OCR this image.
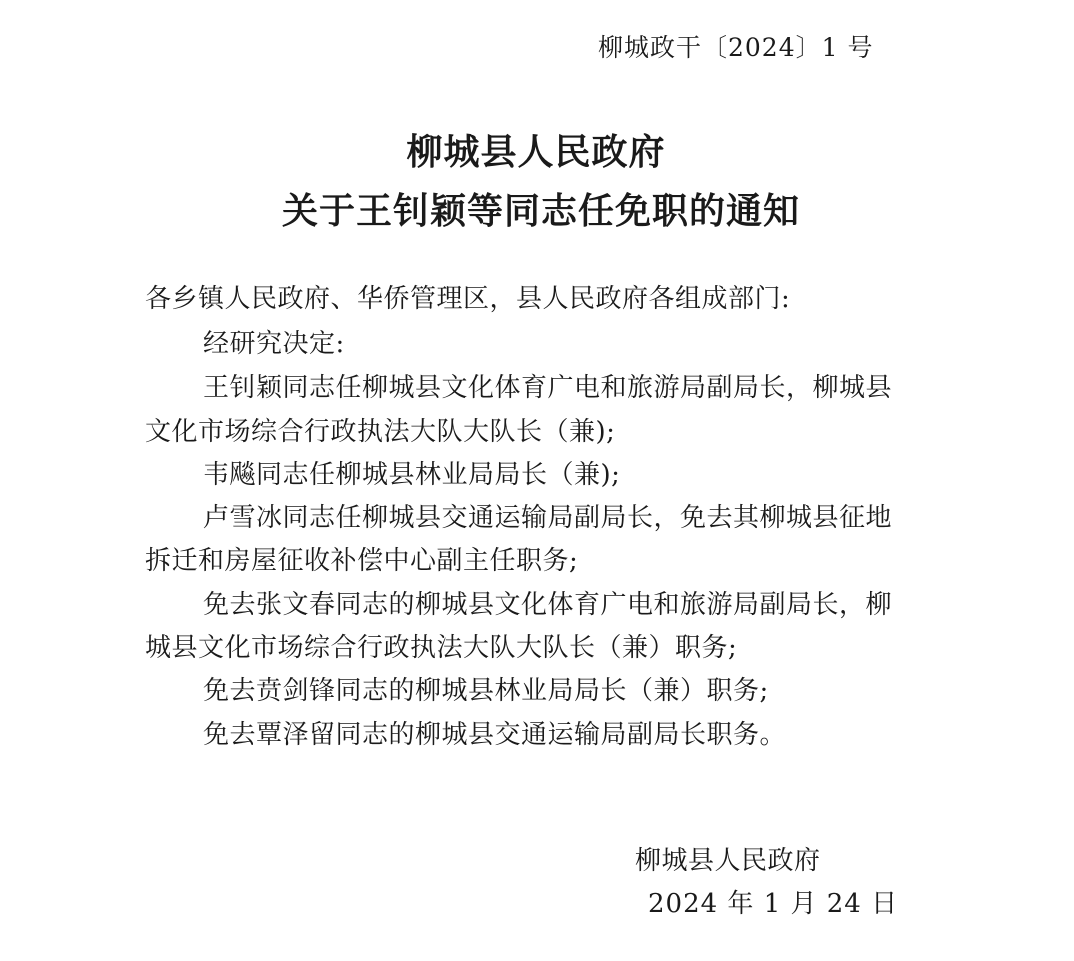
柳城政干〔2024〕1 号
柳城县人民政府
关于王钊颖等同志任免职的通知
各乡镇人民政府、华侨管理区，县人民政府各组成部门:
经研究决定:
王钊颖同志任柳城县文化体育广电和旅游局副局长，柳城县
文化市场综合行政执法大队大队长（兼);
韦飚同志任柳城县林业局局长（兼);
卢雪冰同志任柳城县交通运输局副局长，免去其柳城县征地
拆迁和房屋征收补偿中心副主任职务;
免去张文春同志的柳城县文化体育广电和旅游局副局长，柳
城县文化市场综合行政执法大队大队长（兼）职务;
免去贲剑锋同志的柳城县林业局局长（兼）职务;
免去覃泽留同志的柳城县交通运输局副局长职务。
柳城县人民政府
2024 年 1 月 24 日
